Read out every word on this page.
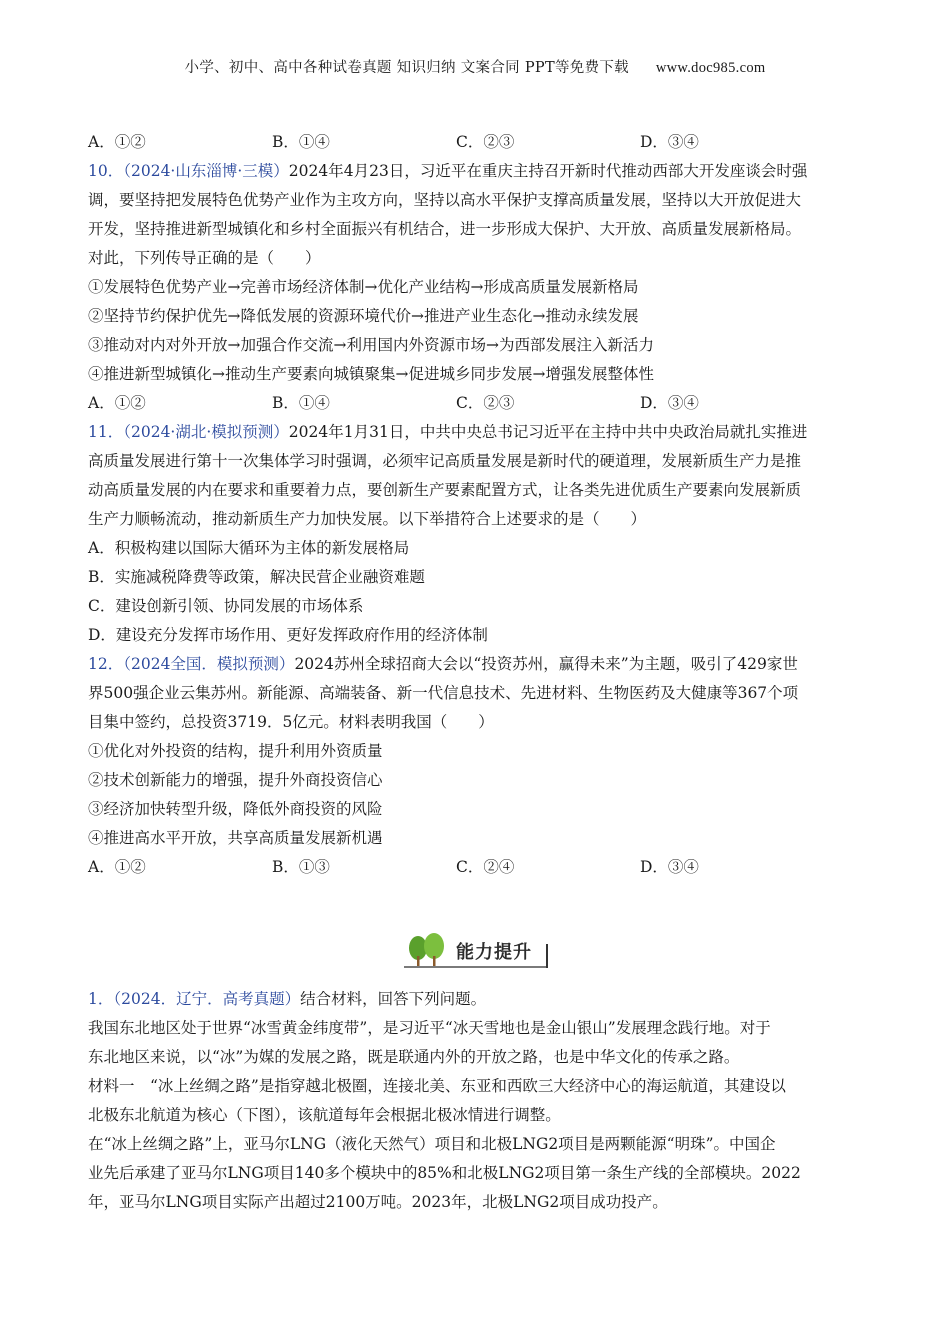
小学、初中、高中各种试卷真题 知识归纳 文案合同 PPT等免费下载 www.doc985.com
A．①②	B．①④	C．②③	D．③④
10．（2024·山东淄博·三模）2024年4月23日，习近平在重庆主持召开新时代推动西部大开发座谈会时强
调，要坚持把发展特色优势产业作为主攻方向，坚持以高水平保护支撑高质量发展，坚持以大开放促进大
开发，坚持推进新型城镇化和乡村全面振兴有机结合，进一步形成大保护、大开放、高质量发展新格局。
对此，下列传导正确的是（　　）
①发展特色优势产业→完善市场经济体制→优化产业结构→形成高质量发展新格局
②坚持节约保护优先→降低发展的资源环境代价→推进产业生态化→推动永续发展
③推动对内对外开放→加强合作交流→利用国内外资源市场→为西部发展注入新活力
④推进新型城镇化→推动生产要素向城镇聚集→促进城乡同步发展→增强发展整体性
A．①②	B．①④	C．②③	D．③④
11．（2024·湖北·模拟预测）2024年1月31日，中共中央总书记习近平在主持中共中央政治局就扎实推进
高质量发展进行第十一次集体学习时强调，必须牢记高质量发展是新时代的硬道理，发展新质生产力是推
动高质量发展的内在要求和重要着力点，要创新生产要素配置方式，让各类先进优质生产要素向发展新质
生产力顺畅流动，推动新质生产力加快发展。以下举措符合上述要求的是（　　）
A．积极构建以国际大循环为主体的新发展格局
B．实施减税降费等政策，解决民营企业融资难题
C．建设创新引领、协同发展的市场体系
D．建设充分发挥市场作用、更好发挥政府作用的经济体制
12．（2024全国．模拟预测）2024苏州全球招商大会以“投资苏州，赢得未来”为主题，吸引了429家世
界500强企业云集苏州。新能源、高端装备、新一代信息技术、先进材料、生物医药及大健康等367个项
目集中签约，总投资3719．5亿元。材料表明我国（　　）
①优化对外投资的结构，提升利用外资质量
②技术创新能力的增强，提升外商投资信心
③经济加快转型升级，降低外商投资的风险
④推进高水平开放，共享高质量发展新机遇
A．①②	B．①③	C．②④	D．③④
能力提升
1．（2024．辽宁．高考真题）结合材料，回答下列问题。
我国东北地区处于世界“冰雪黄金纬度带”，是习近平“冰天雪地也是金山银山”发展理念践行地。对于
东北地区来说，以“冰”为媒的发展之路，既是联通内外的开放之路，也是中华文化的传承之路。
材料一　“冰上丝绸之路”是指穿越北极圈，连接北美、东亚和西欧三大经济中心的海运航道，其建设以
北极东北航道为核心（下图），该航道每年会根据北极冰情进行调整。
在“冰上丝绸之路”上，亚马尔LNG（液化天然气）项目和北极LNG2项目是两颗能源“明珠”。中国企
业先后承建了亚马尔LNG项目140多个模块中的85%和北极LNG2项目第一条生产线的全部模块。2022
年，亚马尔LNG项目实际产出超过2100万吨。2023年，北极LNG2项目成功投产。
